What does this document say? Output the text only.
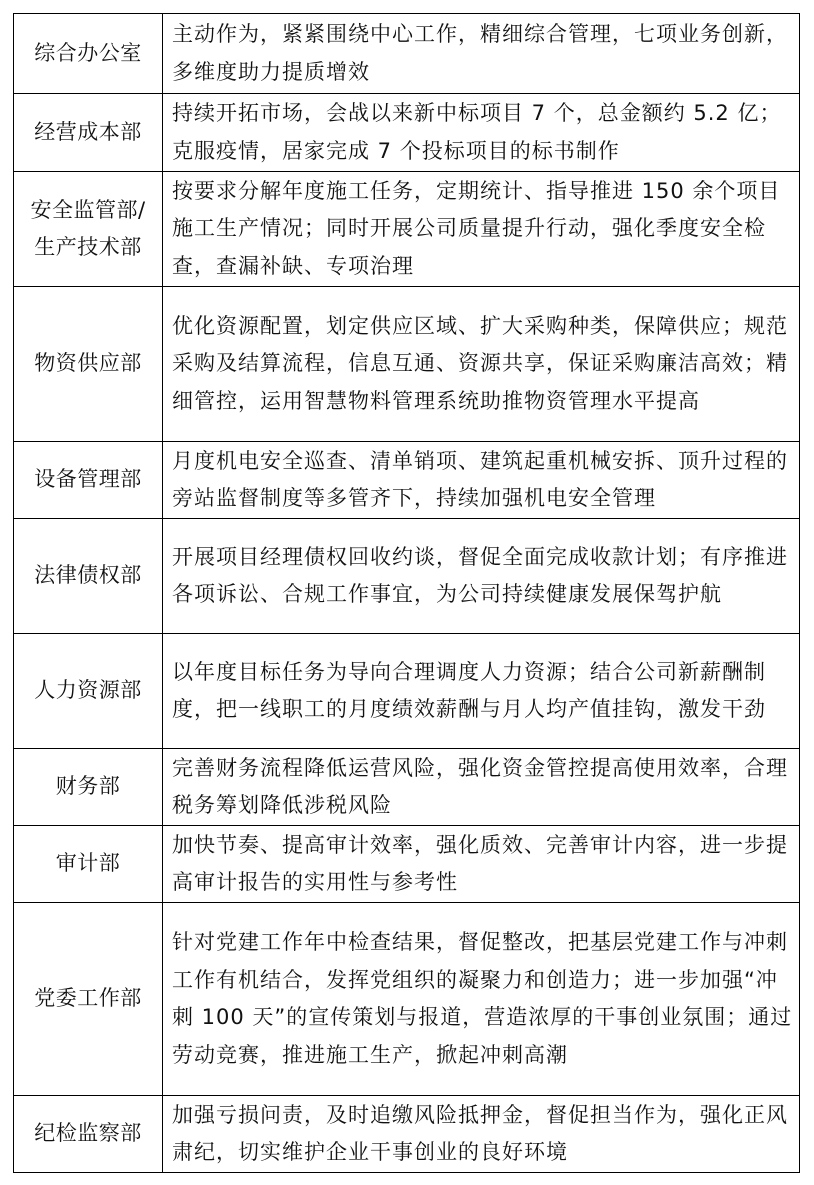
综合办公室	主动作为，紧紧围绕中心工作，精细综合管理，七项业务创新，多维度助力提质增效

经营成本部	持续开拓市场，会战以来新中标项目 7 个，总金额约 5.2 亿；克服疫情，居家完成 7 个投标项目的标书制作

安全监管部/生产技术部	按要求分解年度施工任务，定期统计、指导推进 150 余个项目施工生产情况；同时开展公司质量提升行动，强化季度安全检查，查漏补缺、专项治理

物资供应部	优化资源配置，划定供应区域、扩大采购种类，保障供应；规范采购及结算流程，信息互通、资源共享，保证采购廉洁高效；精细管控，运用智慧物料管理系统助推物资管理水平提高

设备管理部	月度机电安全巡查、清单销项、建筑起重机械安拆、顶升过程的旁站监督制度等多管齐下，持续加强机电安全管理

法律债权部	开展项目经理债权回收约谈，督促全面完成收款计划；有序推进各项诉讼、合规工作事宜，为公司持续健康发展保驾护航

人力资源部	以年度目标任务为导向合理调度人力资源；结合公司新薪酬制度，把一线职工的月度绩效薪酬与月人均产值挂钩，激发干劲

财务部	完善财务流程降低运营风险，强化资金管控提高使用效率，合理税务筹划降低涉税风险

审计部	加快节奏、提高审计效率，强化质效、完善审计内容，进一步提高审计报告的实用性与参考性

党委工作部	针对党建工作年中检查结果，督促整改，把基层党建工作与冲刺工作有机结合，发挥党组织的凝聚力和创造力；进一步加强“冲刺 100 天”的宣传策划与报道，营造浓厚的干事创业氛围；通过劳动竞赛，推进施工生产，掀起冲刺高潮

纪检监察部	加强亏损问责，及时追缴风险抵押金，督促担当作为，强化正风肃纪，切实维护企业干事创业的良好环境
